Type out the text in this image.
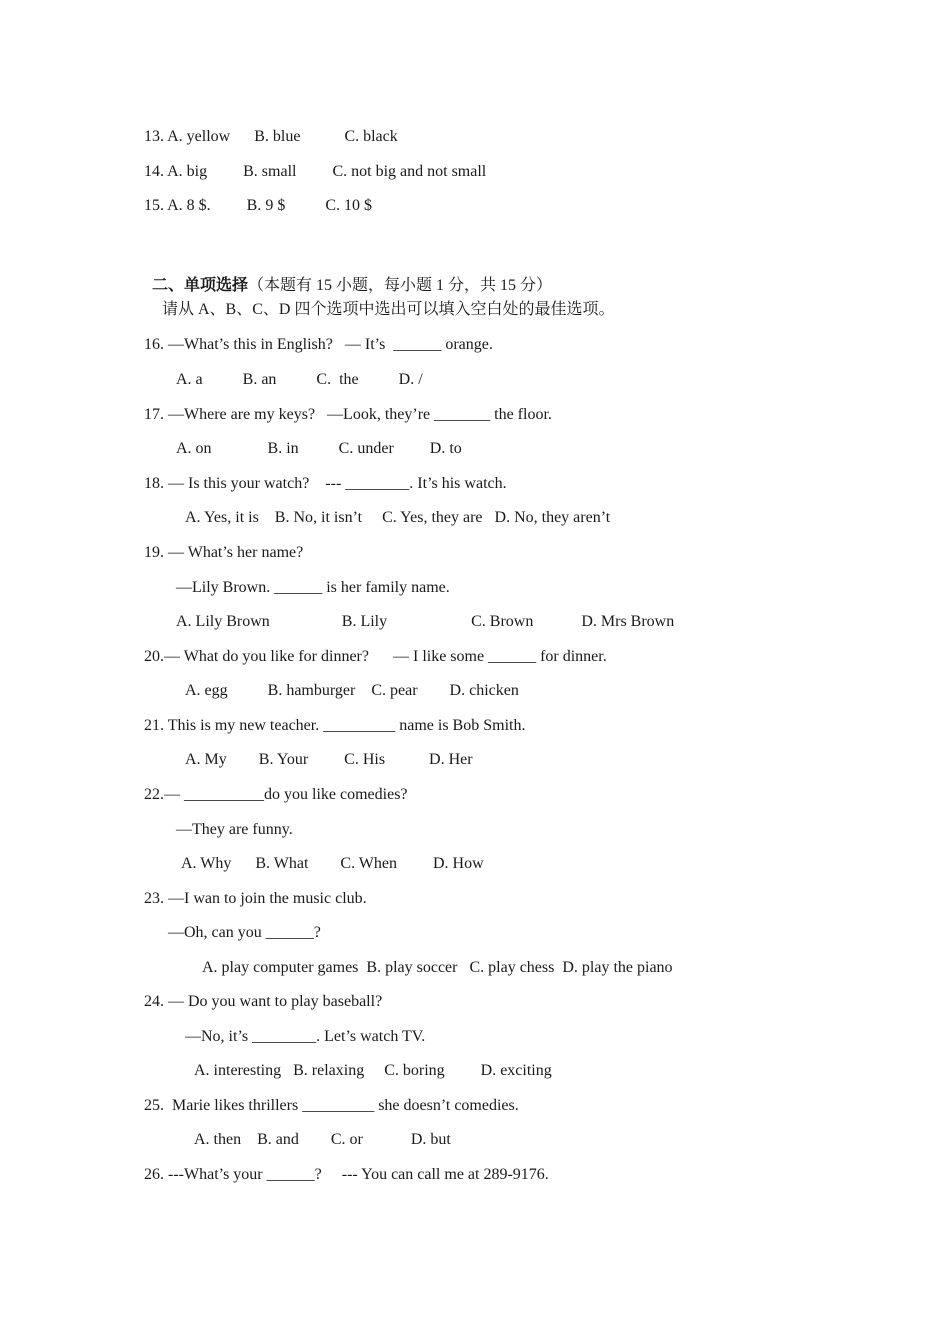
13. A. yellow      B. blue           C. black
14. A. big         B. small         C. not big and not small
15. A. 8 $.         B. 9 $          C. 10 $

二、单项选择（本题有 15 小题，每小题 1 分，共 15 分）

请从 A、B、C、D 四个选项中选出可以填入空白处的最佳选项。
16. —What’s this in English?   — It’s  ______ orange.
A. a          B. an          C.  the          D. /
17. —Where are my keys?   —Look, they’re _______ the floor.
A. on              B. in          C. under         D. to
18. — Is this your watch?    --- ________. It’s his watch.
A. Yes, it is    B. No, it isn’t     C. Yes, they are   D. No, they aren’t
19. — What’s her name?
—Lily Brown. ______ is her family name.
A. Lily Brown                  B. Lily                     C. Brown            D. Mrs Brown
20.— What do you like for dinner?      — I like some ______ for dinner.
A. egg          B. hamburger    C. pear        D. chicken
21. This is my new teacher. _________ name is Bob Smith.
A. My        B. Your         C. His           D. Her
22.— __________do you like comedies?
—They are funny.
A. Why      B. What        C. When         D. How
23. —I wan to join the music club.
—Oh, can you ______?
A. play computer games  B. play soccer   C. play chess  D. play the piano
24. — Do you want to play baseball?
—No, it’s ________. Let’s watch TV.
A. interesting   B. relaxing     C. boring         D. exciting
25.  Marie likes thrillers _________ she doesn’t comedies.
A. then    B. and        C. or            D. but
26. ---What’s your ______?     --- You can call me at 289-9176.
